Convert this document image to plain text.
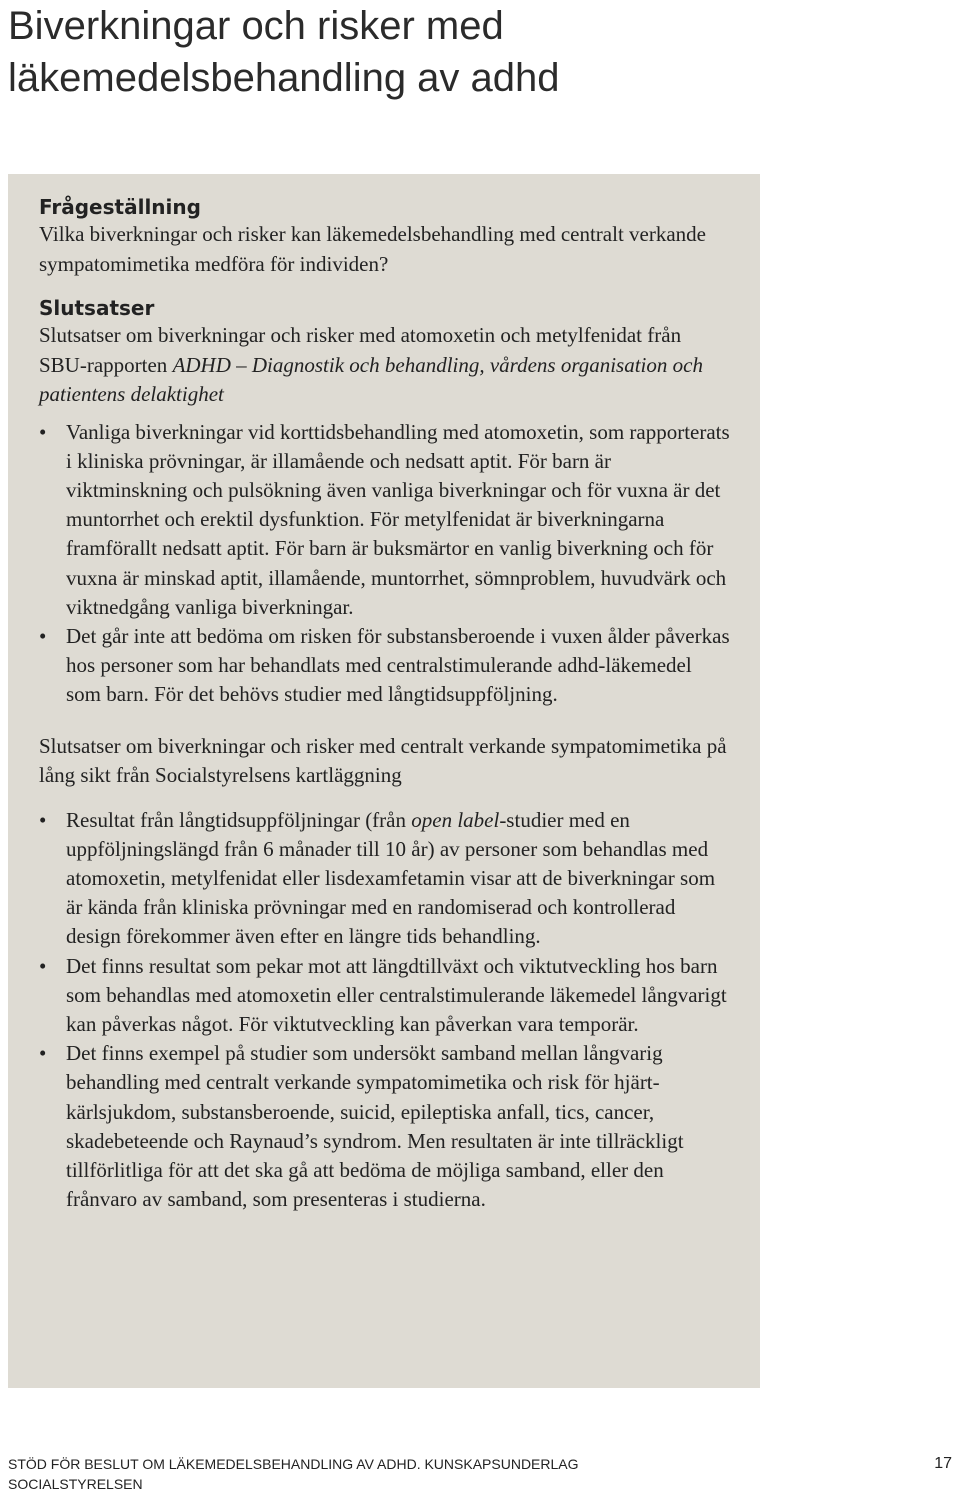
Biverkningar och risker med
läkemedelsbehandling av adhd
Frågeställning

Vilka biverkningar och risker kan läkemedelsbehandling med centralt verkande sympatomimetika medföra för individen?

Slutsatser

Slutsatser om biverkningar och risker med atomoxetin och metylfenidat från SBU-rapporten ADHD – Diagnostik och behandling, vårdens organisation och patientens delaktighet

• Vanliga biverkningar vid korttidsbehandling med atomoxetin, som rapporterats i kliniska prövningar, är illamående och nedsatt aptit. För barn är viktminskning och pulsökning även vanliga biverkningar och för vuxna är det muntorrhet och erektil dysfunktion. För metylfenidat är biverkningarna framförallt nedsatt aptit. För barn är buksmärtor en vanlig biverkning och för vuxna är minskad aptit, illamående, muntorrhet, sömnproblem, huvudvärk och viktnedgång vanliga biverkningar.
• Det går inte att bedöma om risken för substansberoende i vuxen ålder påverkas hos personer som har behandlats med centralstimulerande adhd-läkemedel som barn. För det behövs studier med långtidsuppföljning.

Slutsatser om biverkningar och risker med centralt verkande sympatomimetika på lång sikt från Socialstyrelsens kartläggning

• Resultat från långtidsuppföljningar (från open label-studier med en uppföljningslängd från 6 månader till 10 år) av personer som behandlas med atomoxetin, metylfenidat eller lisdexamfetamin visar att de biverkningar som är kända från kliniska prövningar med en randomiserad och kontrollerad design förekommer även efter en längre tids behandling.
• Det finns resultat som pekar mot att längdtillväxt och viktutveckling hos barn som behandlas med atomoxetin eller centralstimulerande läkemedel långvarigt kan påverkas något. För viktutveckling kan påverkan vara temporär.
• Det finns exempel på studier som undersökt samband mellan långvarig behandling med centralt verkande sympatomimetika och risk för hjärt-kärlsjukdom, substansberoende, suicid, epileptiska anfall, tics, cancer, skadebeteende och Raynaud’s syndrom. Men resultaten är inte tillräckligt tillförlitliga för att det ska gå att bedöma de möjliga samband, eller den frånvaro av samband, som presenteras i studierna.
STÖD FÖR BESLUT OM LÄKEMEDELSBEHANDLING AV ADHD. KUNSKAPSUNDERLAG
SOCIALSTYRELSEN
17
